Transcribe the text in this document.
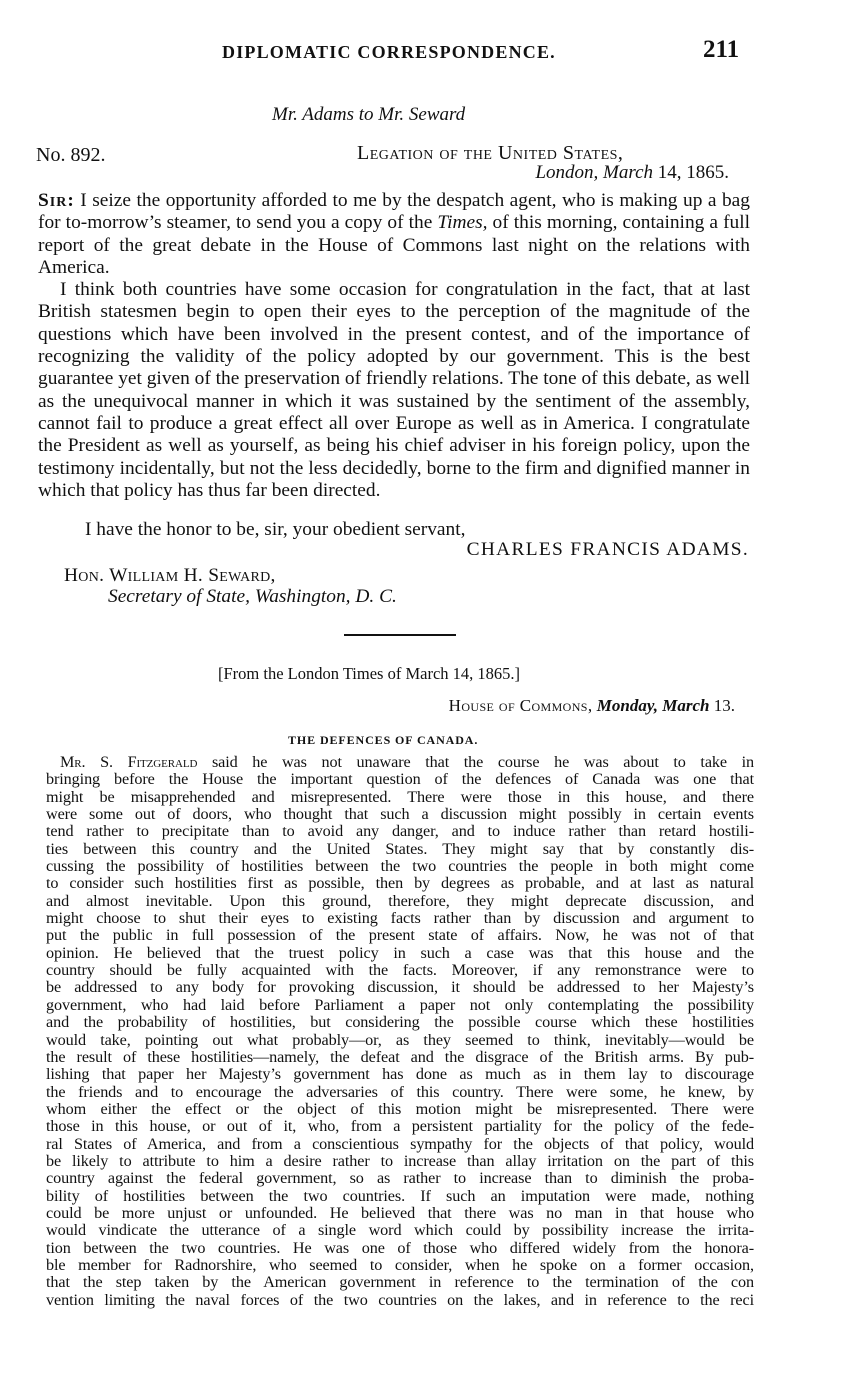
DIPLOMATIC CORRESPONDENCE.	211
Mr. Adams to Mr. Seward
No. 892.	Legation of the United States,
London, March 14, 1865.

Sir: I seize the opportunity afforded to me by the despatch agent, who is making up a bag for to-morrow’s steamer, to send you a copy of the Times, of this morning, containing a full report of the great debate in the House of Commons last night on the relations with America.

I think both countries have some occasion for congratulation in the fact, that at last British statesmen begin to open their eyes to the perception of the magnitude of the questions which have been involved in the present contest, and of the importance of recognizing the validity of the policy adopted by our government. This is the best guarantee yet given of the preservation of friendly relations. The tone of this debate, as well as the unequivocal manner in which it was sustained by the sentiment of the assembly, cannot fail to produce a great effect all over Europe as well as in America. I congratulate the President as well as yourself, as being his chief adviser in his foreign policy, upon the testimony incidentally, but not the less decidedly, borne to the firm and dignified manner in which that policy has thus far been directed.

I have the honor to be, sir, your obedient servant,
CHARLES FRANCIS ADAMS.
Hon. William H. Seward,
Secretary of State, Washington, D. C.
[From the London Times of March 14, 1865.]
House of Commons, Monday, March 13.
THE DEFENCES OF CANADA.
Mr. S. Fitzgerald said he was not unaware that the course he was about to take in
bringing before the House the important question of the defences of Canada was one that
might be misapprehended and misrepresented. There were those in this house, and there
were some out of doors, who thought that such a discussion might possibly in certain events
tend rather to precipitate than to avoid any danger, and to induce rather than retard hostili-
ties between this country and the United States. They might say that by constantly dis-
cussing the possibility of hostilities between the two countries the people in both might come
to consider such hostilities first as possible, then by degrees as probable, and at last as natural
and almost inevitable. Upon this ground, therefore, they might deprecate discussion, and
might choose to shut their eyes to existing facts rather than by discussion and argument to
put the public in full possession of the present state of affairs. Now, he was not of that
opinion. He believed that the truest policy in such a case was that this house and the
country should be fully acquainted with the facts. Moreover, if any remonstrance were to
be addressed to any body for provoking discussion, it should be addressed to her Majesty’s
government, who had laid before Parliament a paper not only contemplating the possibility
and the probability of hostilities, but considering the possible course which these hostilities
would take, pointing out what probably—or, as they seemed to think, inevitably—would be
the result of these hostilities—namely, the defeat and the disgrace of the British arms. By pub-
lishing that paper her Majesty’s government has done as much as in them lay to discourage
the friends and to encourage the adversaries of this country. There were some, he knew, by
whom either the effect or the object of this motion might be misrepresented. There were
those in this house, or out of it, who, from a persistent partiality for the policy of the fede-
ral States of America, and from a conscientious sympathy for the objects of that policy, would
be likely to attribute to him a desire rather to increase than allay irritation on the part of this
country against the federal government, so as rather to increase than to diminish the proba-
bility of hostilities between the two countries. If such an imputation were made, nothing
could be more unjust or unfounded. He believed that there was no man in that house who
would vindicate the utterance of a single word which could by possibility increase the irrita-
tion between the two countries. He was one of those who differed widely from the honora-
ble member for Radnorshire, who seemed to consider, when he spoke on a former occasion,
that the step taken by the American government in reference to the termination of the con
vention limiting the naval forces of the two countries on the lakes, and in reference to the reci
